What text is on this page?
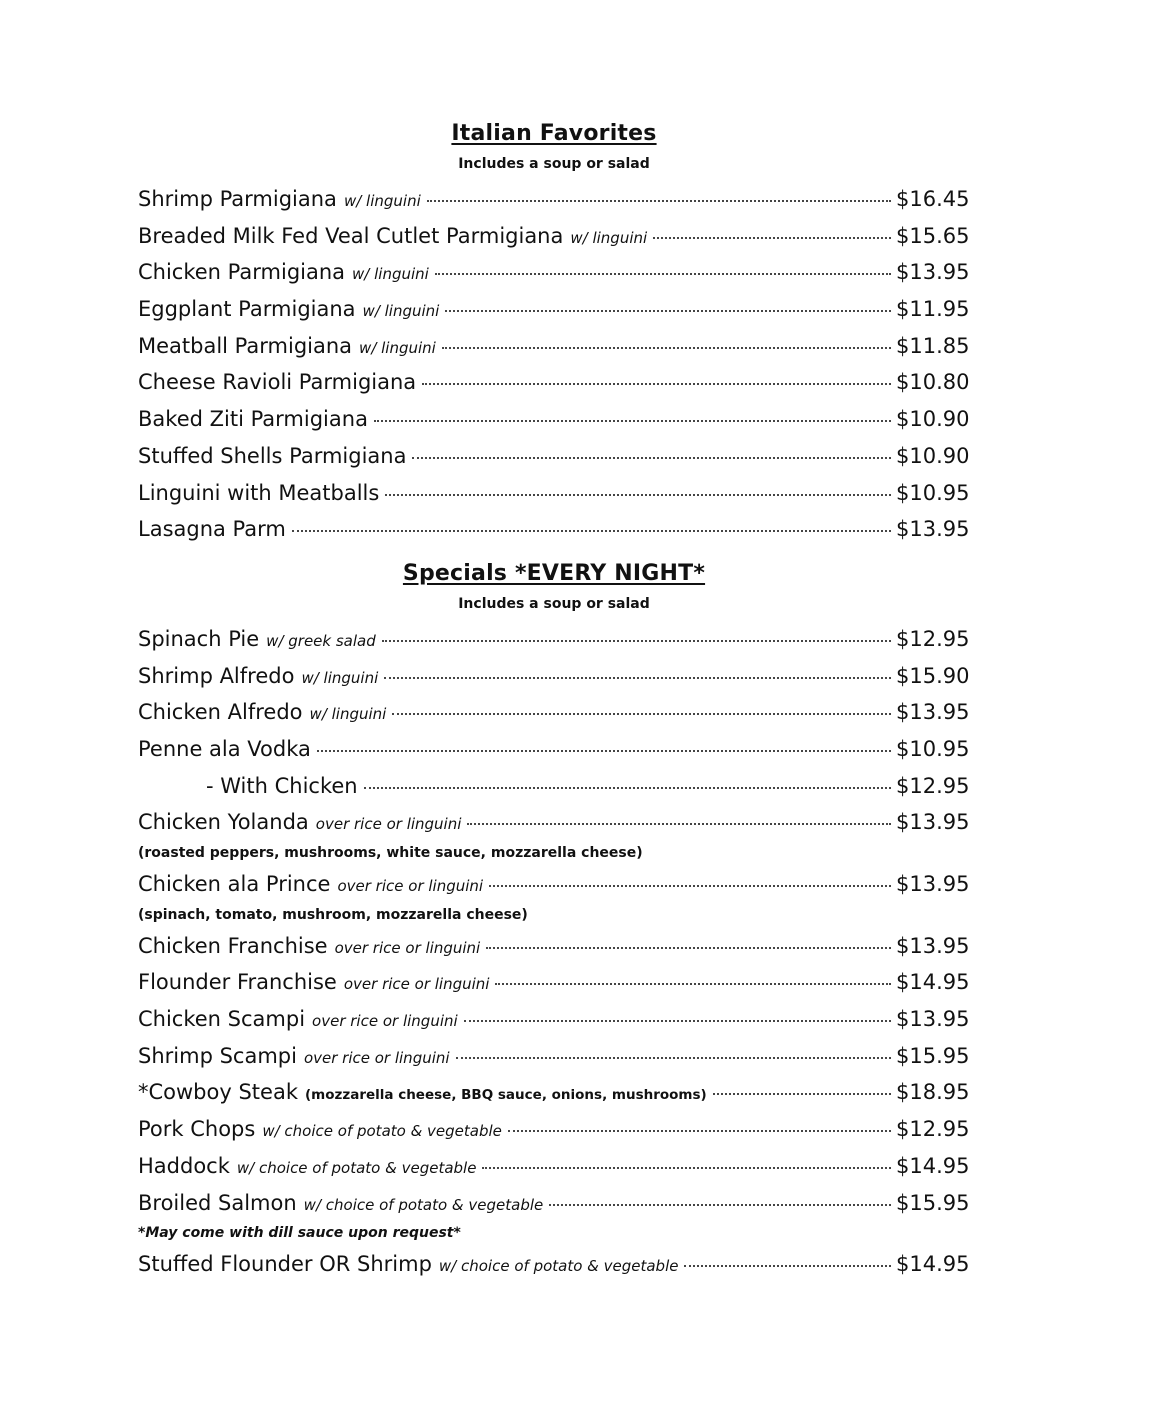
Italian Favorites
Includes a soup or salad
Shrimp Parmigiana w/ linguini	$16.45
Breaded Milk Fed Veal Cutlet Parmigiana w/ linguini	$15.65
Chicken Parmigiana w/ linguini	$13.95
Eggplant Parmigiana w/ linguini	$11.95
Meatball Parmigiana w/ linguini	$11.85
Cheese Ravioli Parmigiana	$10.80
Baked Ziti Parmigiana	$10.90
Stuffed Shells Parmigiana	$10.90
Linguini with Meatballs	$10.95
Lasagna Parm	$13.95
Specials *EVERY NIGHT*
Includes a soup or salad
Spinach Pie w/ greek salad	$12.95
Shrimp Alfredo w/ linguini	$15.90
Chicken Alfredo w/ linguini	$13.95
Penne ala Vodka	$10.95
- With Chicken	$12.95
Chicken Yolanda over rice or linguini	$13.95
(roasted peppers, mushrooms, white sauce, mozzarella cheese)
Chicken ala Prince over rice or linguini	$13.95
(spinach, tomato, mushroom, mozzarella cheese)
Chicken Franchise over rice or linguini	$13.95
Flounder Franchise over rice or linguini	$14.95
Chicken Scampi over rice or linguini	$13.95
Shrimp Scampi over rice or linguini	$15.95
*Cowboy Steak (mozzarella cheese, BBQ sauce, onions, mushrooms)	$18.95
Pork Chops w/ choice of potato & vegetable	$12.95
Haddock w/ choice of potato & vegetable	$14.95
Broiled Salmon w/ choice of potato & vegetable	$15.95
*May come with dill sauce upon request*
Stuffed Flounder OR Shrimp w/ choice of potato & vegetable	$14.95
